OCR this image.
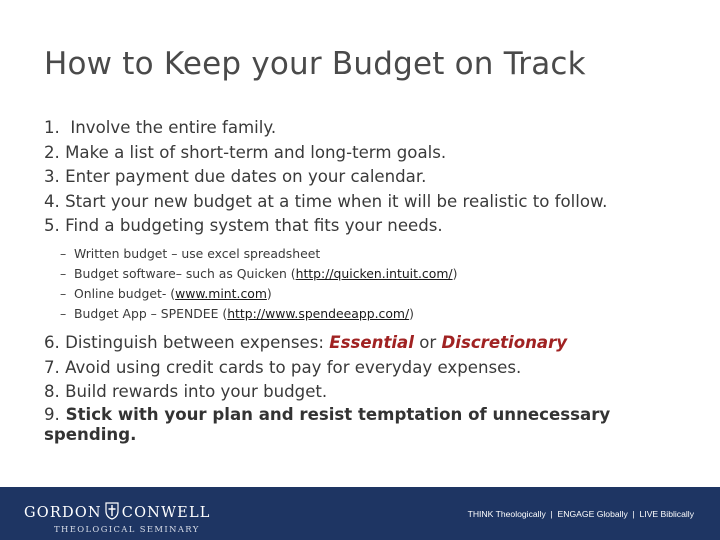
How to Keep your Budget on Track
1.  Involve the entire family.
2. Make a list of short-term and long-term goals.
3. Enter payment due dates on your calendar.
4. Start your new budget at a time when it will be realistic to follow.
5. Find a budgeting system that fits your needs.
– Written budget – use excel spreadsheet
– Budget software– such as Quicken (http://quicken.intuit.com/)
– Online budget- (www.mint.com)
– Budget App – SPENDEE (http://www.spendeeapp.com/)
6. Distinguish between expenses: Essential or Discretionary
7. Avoid using credit cards to pay for everyday expenses.
8. Build rewards into your budget.
9. Stick with your plan and resist temptation of unnecessary spending.
GORDON CONWELL
THEOLOGICAL SEMINARY
THINK Theologically  |  ENGAGE Globally  |  LIVE Biblically
